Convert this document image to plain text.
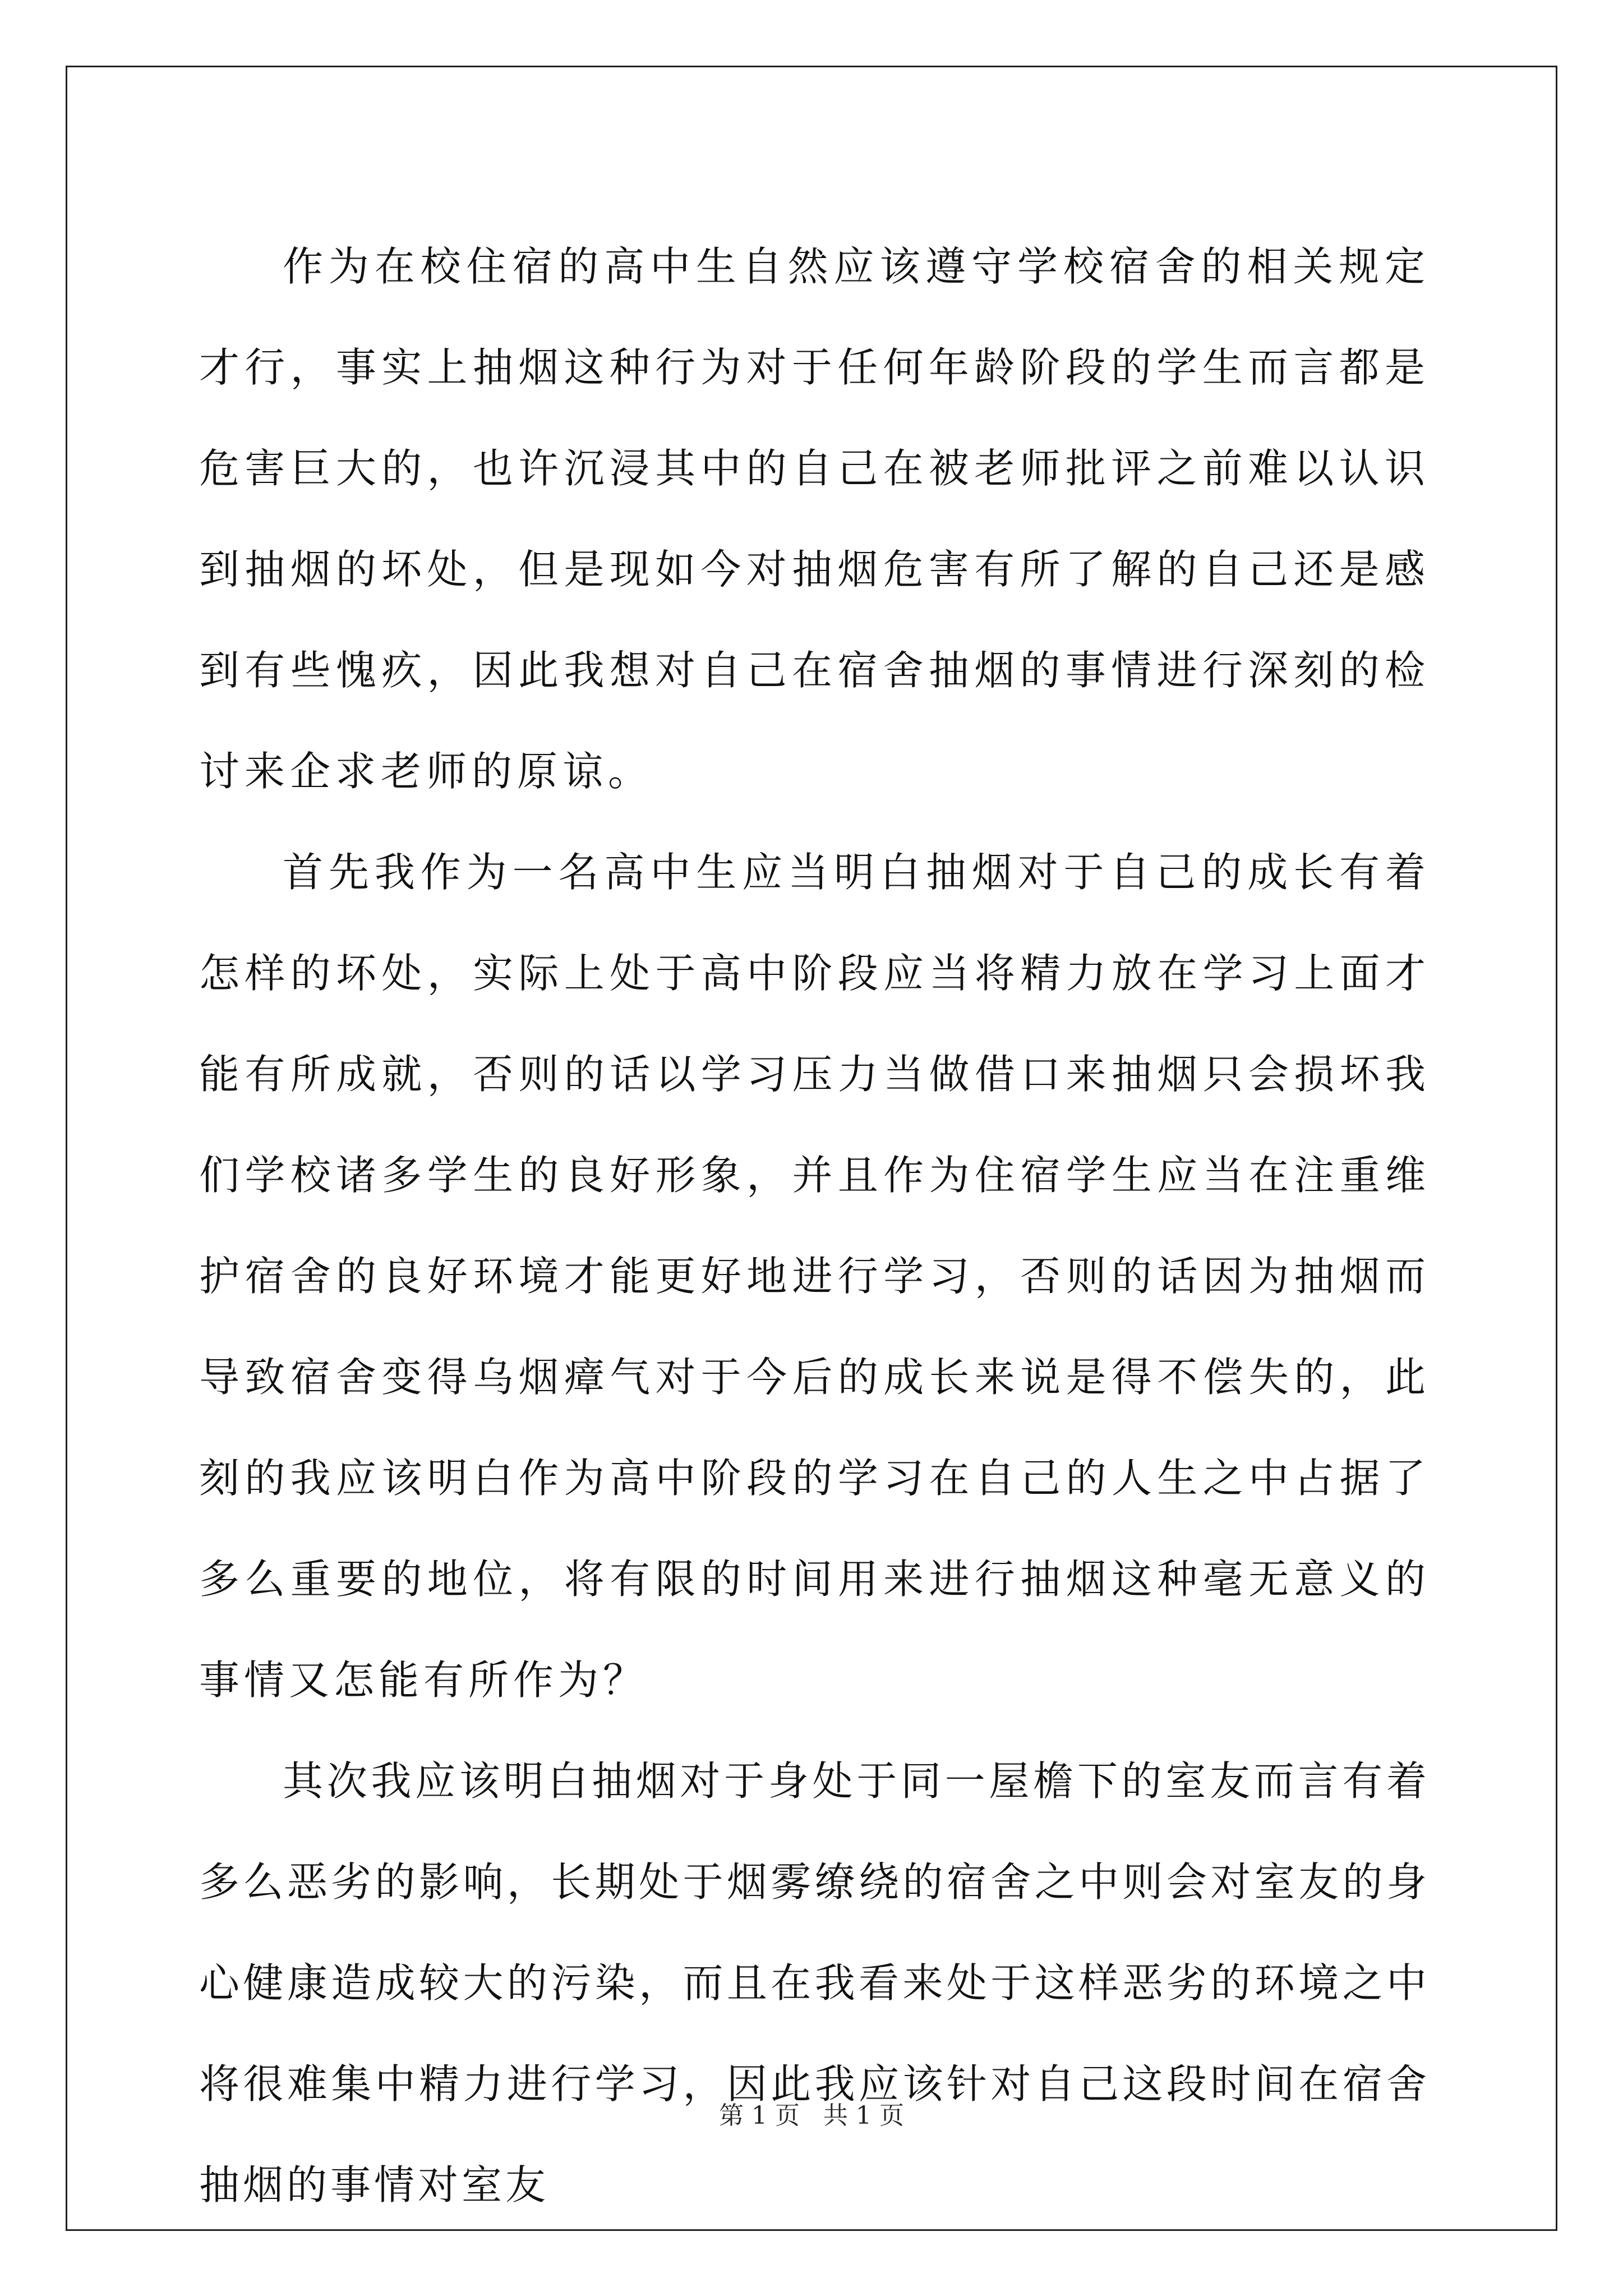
作为在校住宿的高中生自然应该遵守学校宿舍的相关规定才行，事实上抽烟这种行为对于任何年龄阶段的学生而言都是危害巨大的，也许沉浸其中的自己在被老师批评之前难以认识到抽烟的坏处，但是现如今对抽烟危害有所了解的自己还是感到有些愧疚，因此我想对自己在宿舍抽烟的事情进行深刻的检讨来企求老师的原谅。

首先我作为一名高中生应当明白抽烟对于自己的成长有着怎样的坏处，实际上处于高中阶段应当将精力放在学习上面才能有所成就，否则的话以学习压力当做借口来抽烟只会损坏我们学校诸多学生的良好形象，并且作为住宿学生应当在注重维护宿舍的良好环境才能更好地进行学习，否则的话因为抽烟而导致宿舍变得乌烟瘴气对于今后的成长来说是得不偿失的，此刻的我应该明白作为高中阶段的学习在自己的人生之中占据了多么重要的地位，将有限的时间用来进行抽烟这种毫无意义的事情又怎能有所作为？

其次我应该明白抽烟对于身处于同一屋檐下的室友而言有着多么恶劣的影响，长期处于烟雾缭绕的宿舍之中则会对室友的身心健康造成较大的污染，而且在我看来处于这样恶劣的环境之中将很难集中精力进行学习，因此我应该针对自己这段时间在宿舍抽烟的事情对室友

第 1 页 共 1 页
